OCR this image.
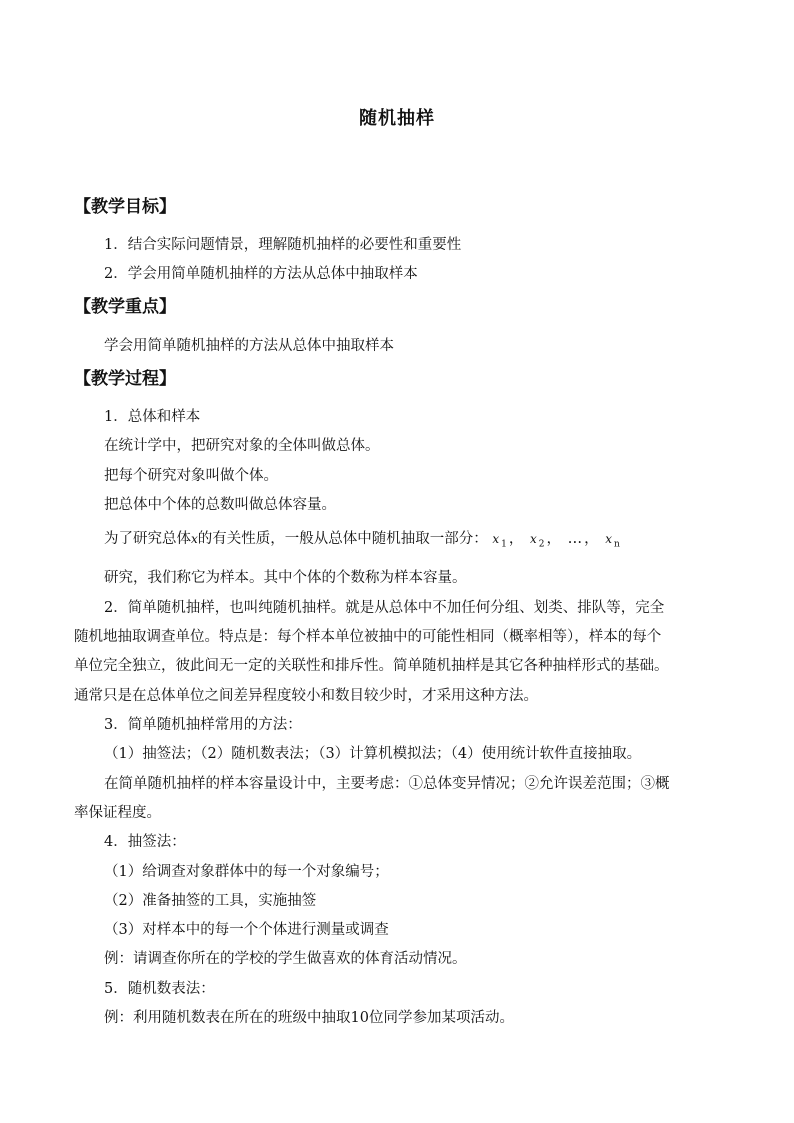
随机抽样
【教学目标】
1．结合实际问题情景，理解随机抽样的必要性和重要性
2．学会用简单随机抽样的方法从总体中抽取样本
【教学重点】
学会用简单随机抽样的方法从总体中抽取样本
【教学过程】
1．总体和样本
在统计学中，把研究对象的全体叫做总体。
把每个研究对象叫做个体。
把总体中个体的总数叫做总体容量。
为了研究总体x的有关性质，一般从总体中随机抽取一部分： x $_1$ ， x $_2$ ， … ， x $_n$
研究，我们称它为样本。其中个体的个数称为样本容量。
2．简单随机抽样，也叫纯随机抽样。就是从总体中不加任何分组、划类、排队等，完全
随机地抽取调查单位。特点是：每个样本单位被抽中的可能性相同（概率相等），样本的每个
单位完全独立，彼此间无一定的关联性和排斥性。简单随机抽样是其它各种抽样形式的基础。
通常只是在总体单位之间差异程度较小和数目较少时，才采用这种方法。
3．简单随机抽样常用的方法：
（1）抽签法；（2）随机数表法；（3）计算机模拟法；（4）使用统计软件直接抽取。
在简单随机抽样的样本容量设计中，主要考虑：①总体变异情况；②允许误差范围；③概
率保证程度。
4．抽签法：
（1）给调查对象群体中的每一个对象编号；
（2）准备抽签的工具，实施抽签
（3）对样本中的每一个个体进行测量或调查
例：请调查你所在的学校的学生做喜欢的体育活动情况。
5．随机数表法：
例：利用随机数表在所在的班级中抽取10位同学参加某项活动。
